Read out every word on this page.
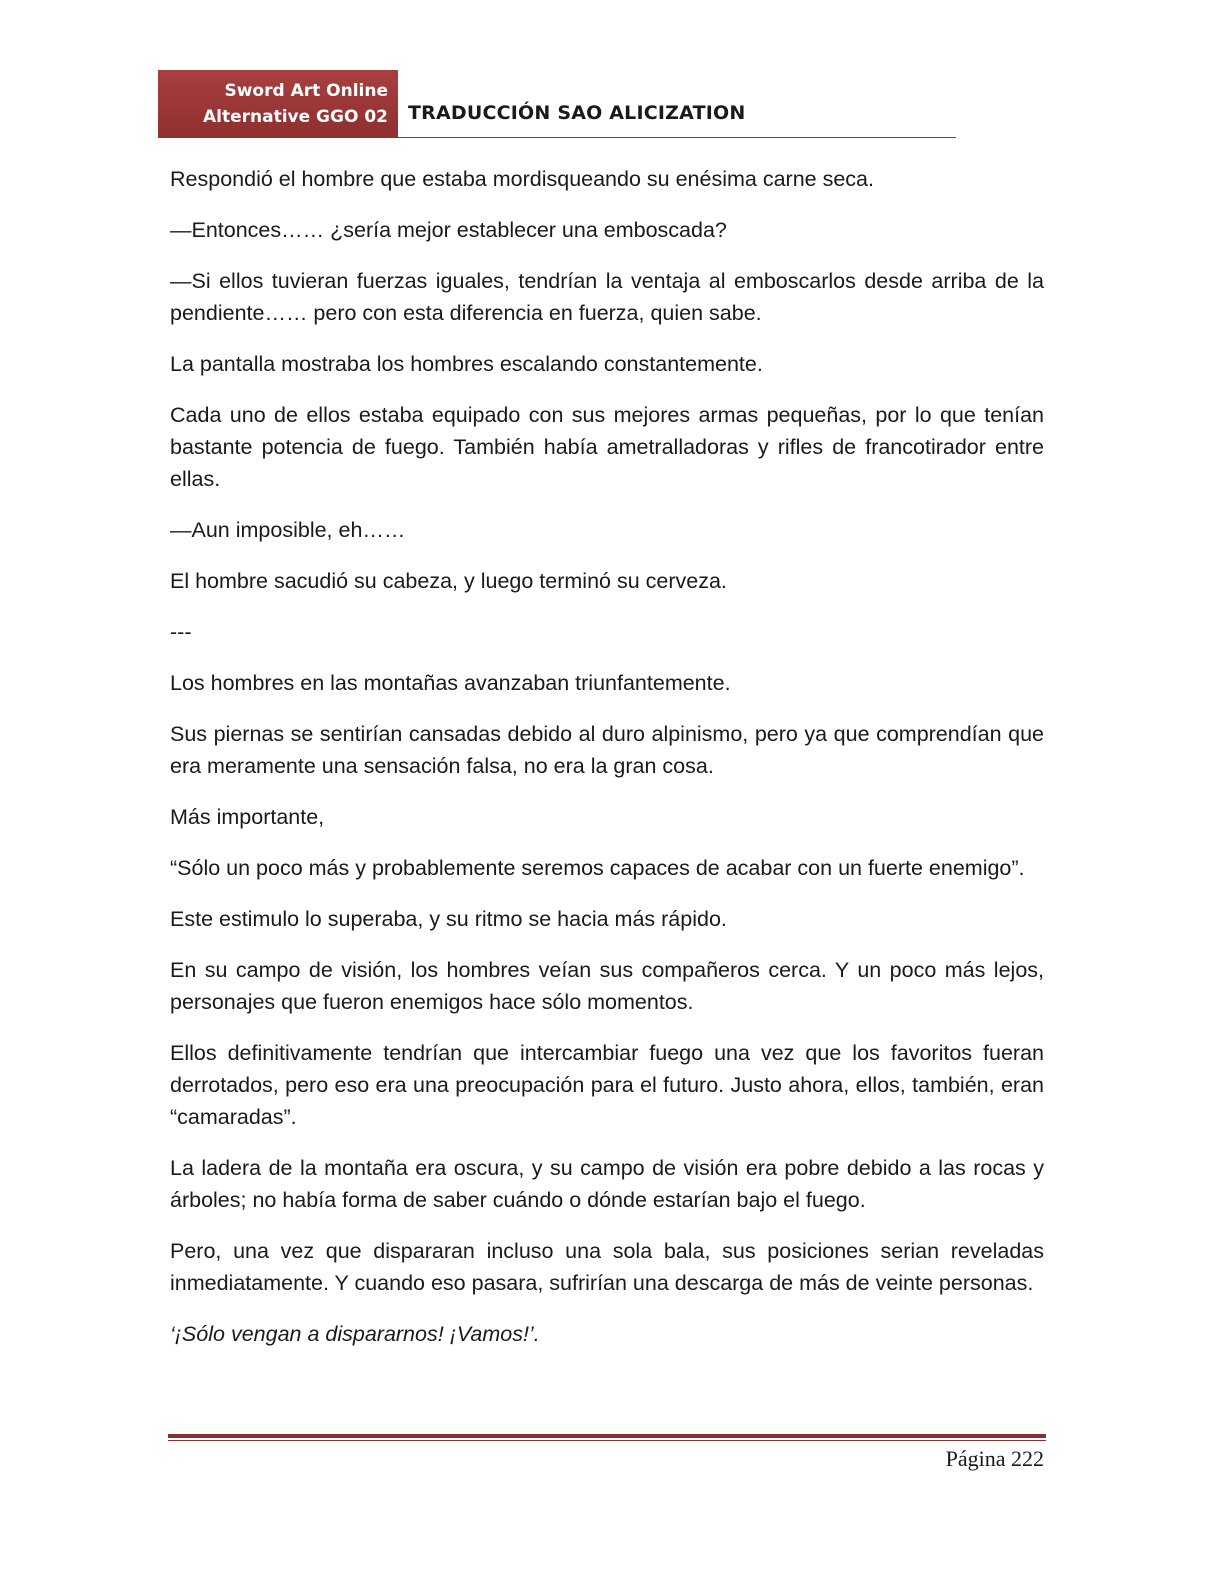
Sword Art Online
Alternative GGO 02 TRADUCCIÓN SAO ALICIZATION

Respondió el hombre que estaba mordisqueando su enésima carne seca.

—Entonces…… ¿sería mejor establecer una emboscada?

—Si ellos tuvieran fuerzas iguales, tendrían la ventaja al emboscarlos desde arriba de la pendiente…… pero con esta diferencia en fuerza, quien sabe.

La pantalla mostraba los hombres escalando constantemente.

Cada uno de ellos estaba equipado con sus mejores armas pequeñas, por lo que tenían bastante potencia de fuego. También había ametralladoras y rifles de francotirador entre ellas.

—Aun imposible, eh……

El hombre sacudió su cabeza, y luego terminó su cerveza.

---

Los hombres en las montañas avanzaban triunfantemente.

Sus piernas se sentirían cansadas debido al duro alpinismo, pero ya que comprendían que era meramente una sensación falsa, no era la gran cosa.

Más importante,

“Sólo un poco más y probablemente seremos capaces de acabar con un fuerte enemigo”.

Este estimulo lo superaba, y su ritmo se hacia más rápido.

En su campo de visión, los hombres veían sus compañeros cerca. Y un poco más lejos, personajes que fueron enemigos hace sólo momentos.

Ellos definitivamente tendrían que intercambiar fuego una vez que los favoritos fueran derrotados, pero eso era una preocupación para el futuro. Justo ahora, ellos, también, eran “camaradas”.

La ladera de la montaña era oscura, y su campo de visión era pobre debido a las rocas y árboles; no había forma de saber cuándo o dónde estarían bajo el fuego.

Pero, una vez que dispararan incluso una sola bala, sus posiciones serian reveladas inmediatamente. Y cuando eso pasara, sufrirían una descarga de más de veinte personas.

‘¡Sólo vengan a dispararnos! ¡Vamos!’.

Página 222
